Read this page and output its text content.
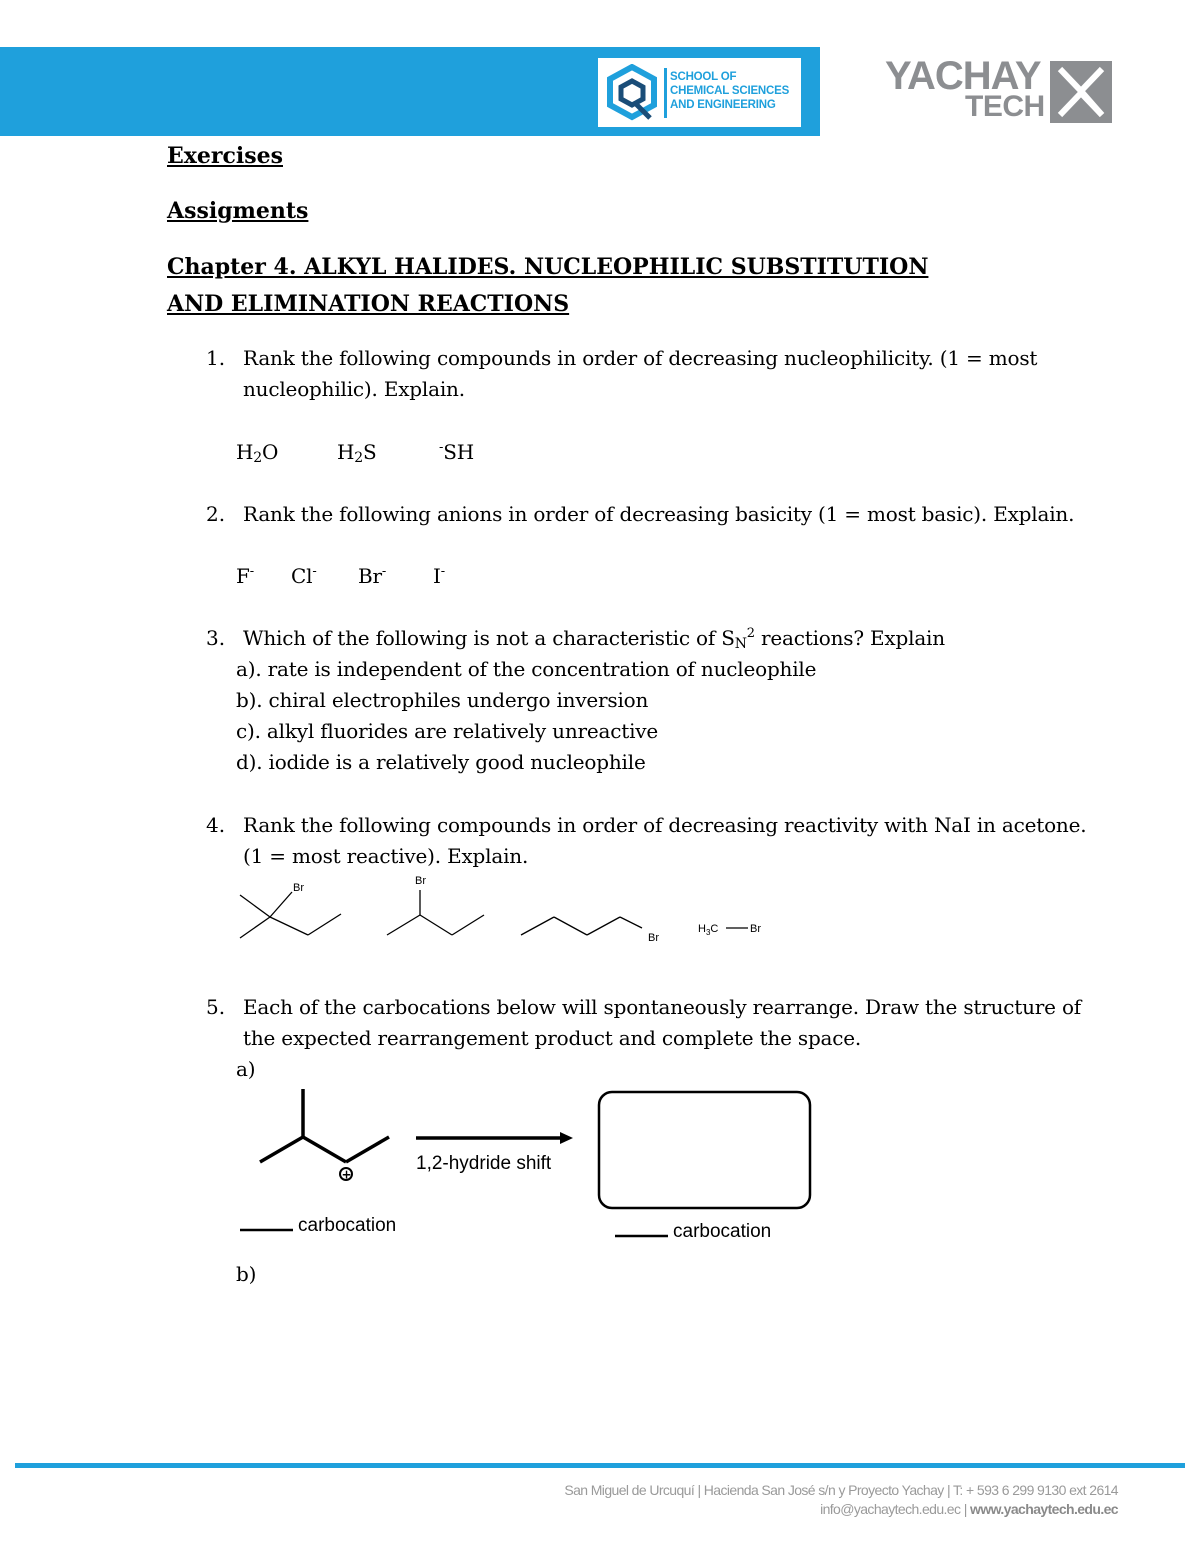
SCHOOL OF
CHEMICAL SCIENCES
AND ENGINEERING
YACHAY
TECH
Exercises
Assigments
Chapter 4. ALKYL HALIDES. NUCLEOPHILIC SUBSTITUTION
AND ELIMINATION REACTIONS
1. Rank the following compounds in order of decreasing nucleophilicity. (1 = most
nucleophilic). Explain.
$H_2O$	$H_2S$	-SH
2. Rank the following anions in order of decreasing basicity (1 = most basic). Explain.
F- Cl- Br- I-
3. Which of the following is not a characteristic of $S_N^2$ reactions? Explain
a). rate is independent of the concentration of nucleophile
b). chiral electrophiles undergo inversion
c). alkyl fluorides are relatively unreactive
d). iodide is a relatively good nucleophile
4. Rank the following compounds in order of decreasing reactivity with NaI in acetone.
(1 = most reactive). Explain.
Br
Br
Br
$H_3C$	Br
5. Each of the carbocations below will spontaneously rearrange. Draw the structure of
the expected rearrangement product and complete the space.
a)
+
1,2-hydride shift
carbocation	carbocation
b)
San Miguel de Urcuquí | Hacienda San José s/n y Proyecto Yachay | T: + 593 6 299 9130 ext 2614
info@yachaytech.edu.ec | www.yachaytech.edu.ec
